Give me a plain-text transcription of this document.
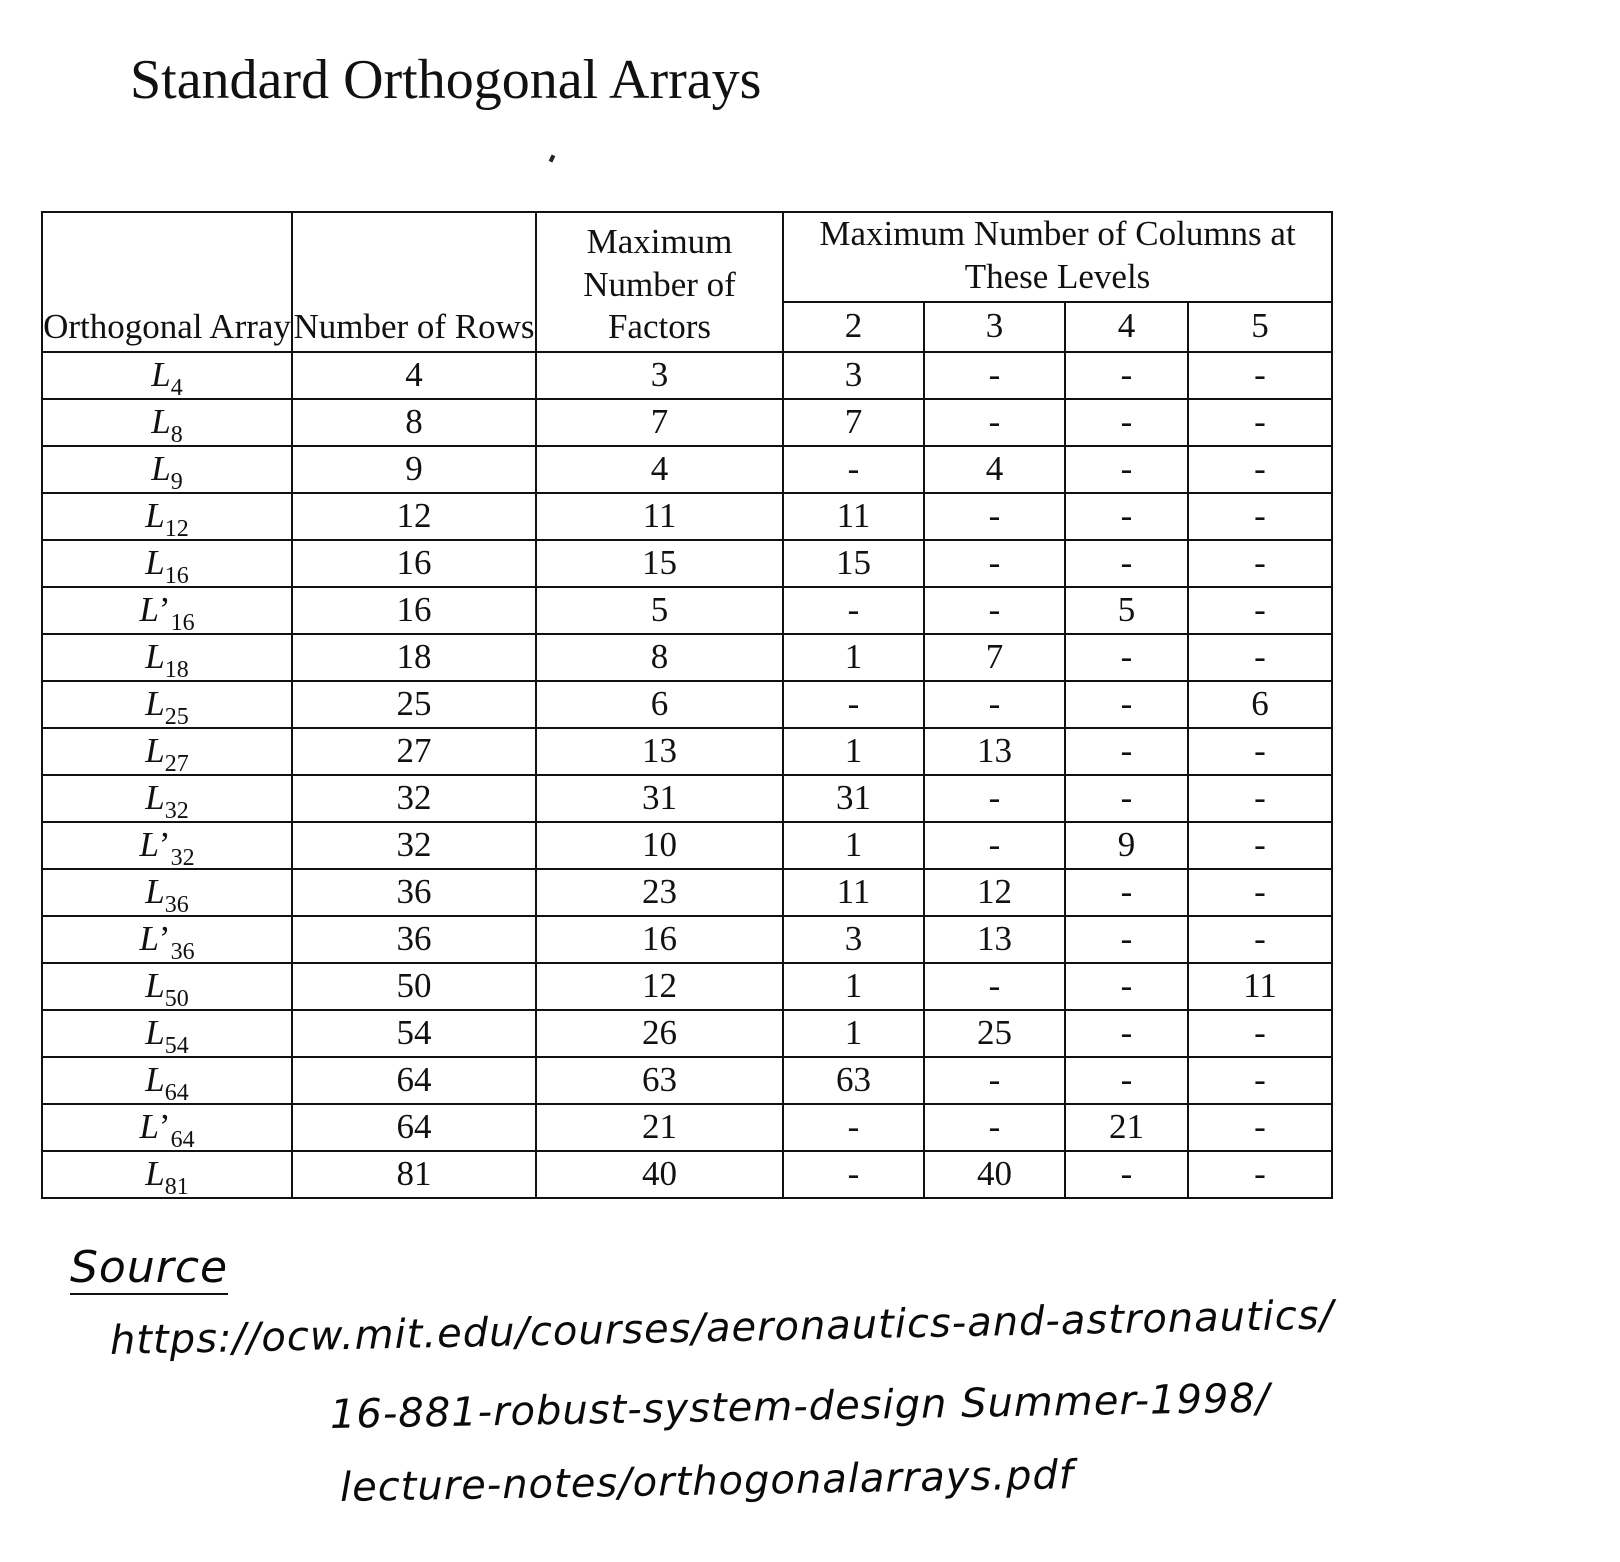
Standard Orthogonal Arrays
Orthogonal Array	Number of Rows	Maximum Number of Factors	Maximum Number of Columns at These Levels			
			2	3	4	5
$L_4$	4	3	3	-	-	-
$L_8$	8	7	7	-	-	-
$L_9$	9	4	-	4	-	-
$L_{12}$	12	11	11	-	-	-
$L_{16}$	16	15	15	-	-	-
$L’_{16}$	16	5	-	-	5	-
$L_{18}$	18	8	1	7	-	-
$L_{25}$	25	6	-	-	-	6
$L_{27}$	27	13	1	13	-	-
$L_{32}$	32	31	31	-	-	-
$L’_{32}$	32	10	1	-	9	-
$L_{36}$	36	23	11	12	-	-
$L’_{36}$	36	16	3	13	-	-
$L_{50}$	50	12	1	-	-	11
$L_{54}$	54	26	1	25	-	-
$L_{64}$	64	63	63	-	-	-
$L’_{64}$	64	21	-	-	21	-
$L_{81}$	81	40	-	40	-	-
Source
https://ocw.mit.edu/courses/aeronautics-and-astronautics/
16-881-robust-system-design Summer-1998/
lecture-notes/orthogonalarrays.pdf
